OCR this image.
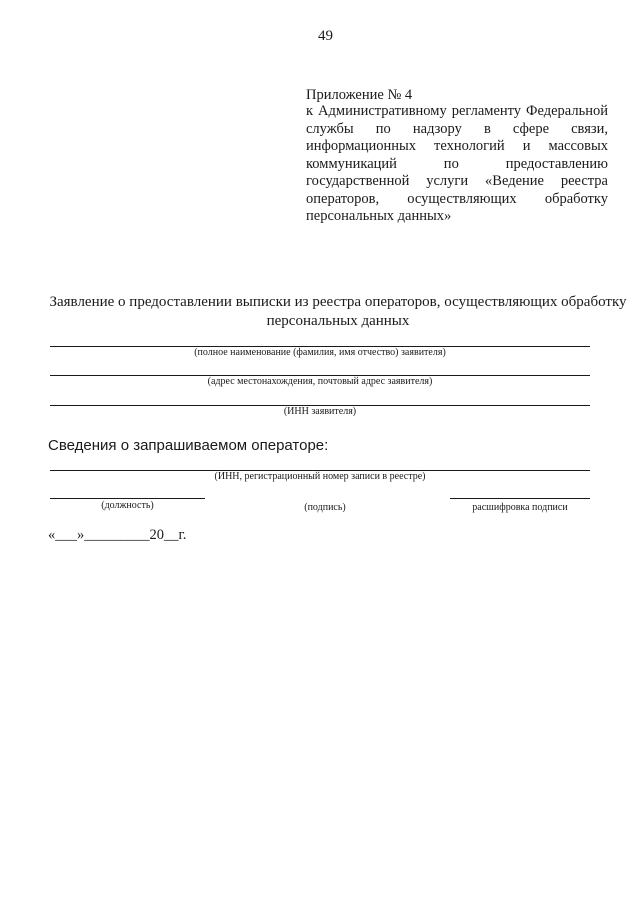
49
Приложение № 4
к Административному регламенту Федеральной службы по надзору в сфере связи, информационных технологий и массовых коммуникаций по предоставлению государственной услуги «Ведение реестра операторов, осуществляющих обработку персональных данных»
Заявление о предоставлении выписки из реестра операторов, осуществляющих обработку персональных данных
(полное наименование (фамилия, имя отчество) заявителя)
(адрес местонахождения, почтовый адрес заявителя)
(ИНН заявителя)
Сведения о запрашиваемом операторе:
(ИНН, регистрационный номер записи в реестре)
(должность)	(подпись)	расшифровка подписи
«___»_________20__г.
